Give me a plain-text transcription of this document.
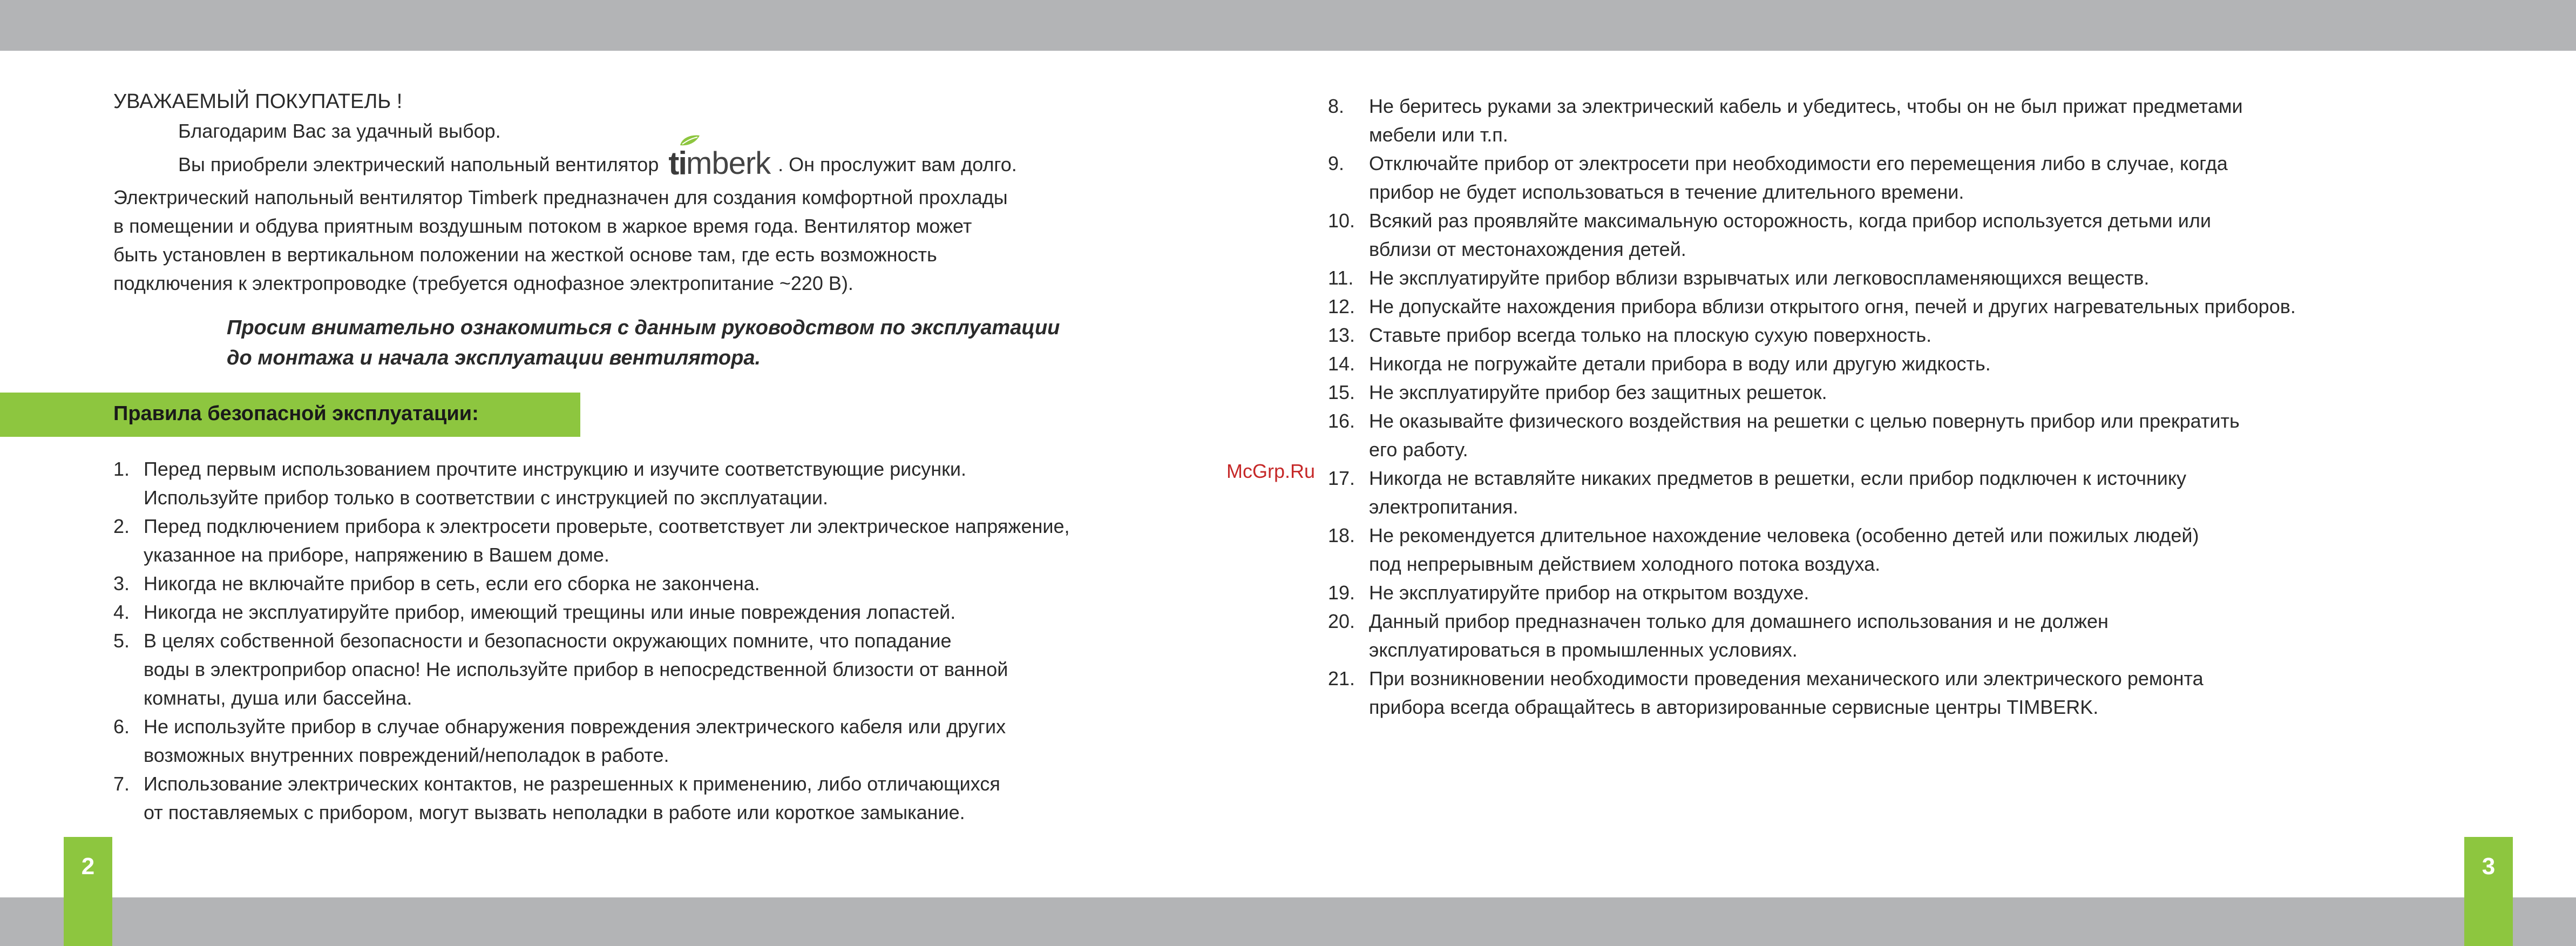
2	3
УВАЖАЕМЫЙ ПОКУПАТЕЛЬ !
Благодарим Вас за удачный выбор.
Вы приобрели электрический напольный вентилятор ti mberk . Он прослужит вам долго.
Электрический напольный вентилятор Timberk предназначен для создания комфортной прохлады
в помещении и обдува приятным воздушным потоком в жаркое время года. Вентилятор может
быть установлен в вертикальном положении на жесткой основе там, где есть возможность
подключения к электропроводке (требуется однофазное электропитание ~220 В).
Просим внимательно ознакомиться с данным руководством по эксплуатации
до монтажа и начала эксплуатации вентилятора.
Правила безопасной эксплуатации:
1. Перед первым использованием прочтите инструкцию и изучите соответствующие рисунки.
Используйте прибор только в соответствии с инструкцией по эксплуатации.
2. Перед подключением прибора к электросети проверьте, соответствует ли электрическое напряжение,
указанное на приборе, напряжению в Вашем доме.
3. Никогда не включайте прибор в сеть, если его сборка не закончена.
4. Никогда не эксплуатируйте прибор, имеющий трещины или иные повреждения лопастей.
5. В целях собственной безопасности и безопасности окружающих помните, что попадание
воды в электроприбор опасно! Не используйте прибор в непосредственной близости от ванной
комнаты, душа или бассейна.
6. Не используйте прибор в случае обнаружения повреждения электрического кабеля или других
возможных внутренних повреждений/неполадок в работе.
7. Использование электрических контактов, не разрешенных к применению, либо отличающихся
от поставляемых с прибором, могут вызвать неполадки в работе или короткое замыкание.
8.	Не беритесь руками за электрический кабель и убедитесь, чтобы он не был прижат предметами
мебели или т.п.
9.	Отключайте прибор от электросети при необходимости его перемещения либо в случае, когда
прибор не будет использоваться в течение длительного времени.
10. Всякий раз проявляйте максимальную осторожность, когда прибор используется детьми или
вблизи от местонахождения детей.
11. Не эксплуатируйте прибор вблизи взрывчатых или легковоспламеняющихся веществ.
12. Не допускайте нахождения прибора вблизи открытого огня, печей и других нагревательных приборов.
13. Ставьте прибор всегда только на плоскую сухую поверхность.
14. Никогда не погружайте детали прибора в воду или другую жидкость.
15. Не эксплуатируйте прибор без защитных решеток.
16. Не оказывайте физического воздействия на решетки с целью повернуть прибор или прекратить
его работу.
17. Никогда не вставляйте никаких предметов в решетки, если прибор подключен к источнику
электропитания.
18. Не рекомендуется длительное нахождение человека (особенно детей или пожилых людей)
под непрерывным действием холодного потока воздуха.
19. Не эксплуатируйте прибор на открытом воздухе.
20. Данный прибор предназначен только для домашнего использования и не должен
эксплуатироваться в промышленных условиях.
21. При возникновении необходимости проведения механического или электрического ремонта
прибора всегда обращайтесь в авторизированные сервисные центры TIMBERK.
McGrp.Ru
